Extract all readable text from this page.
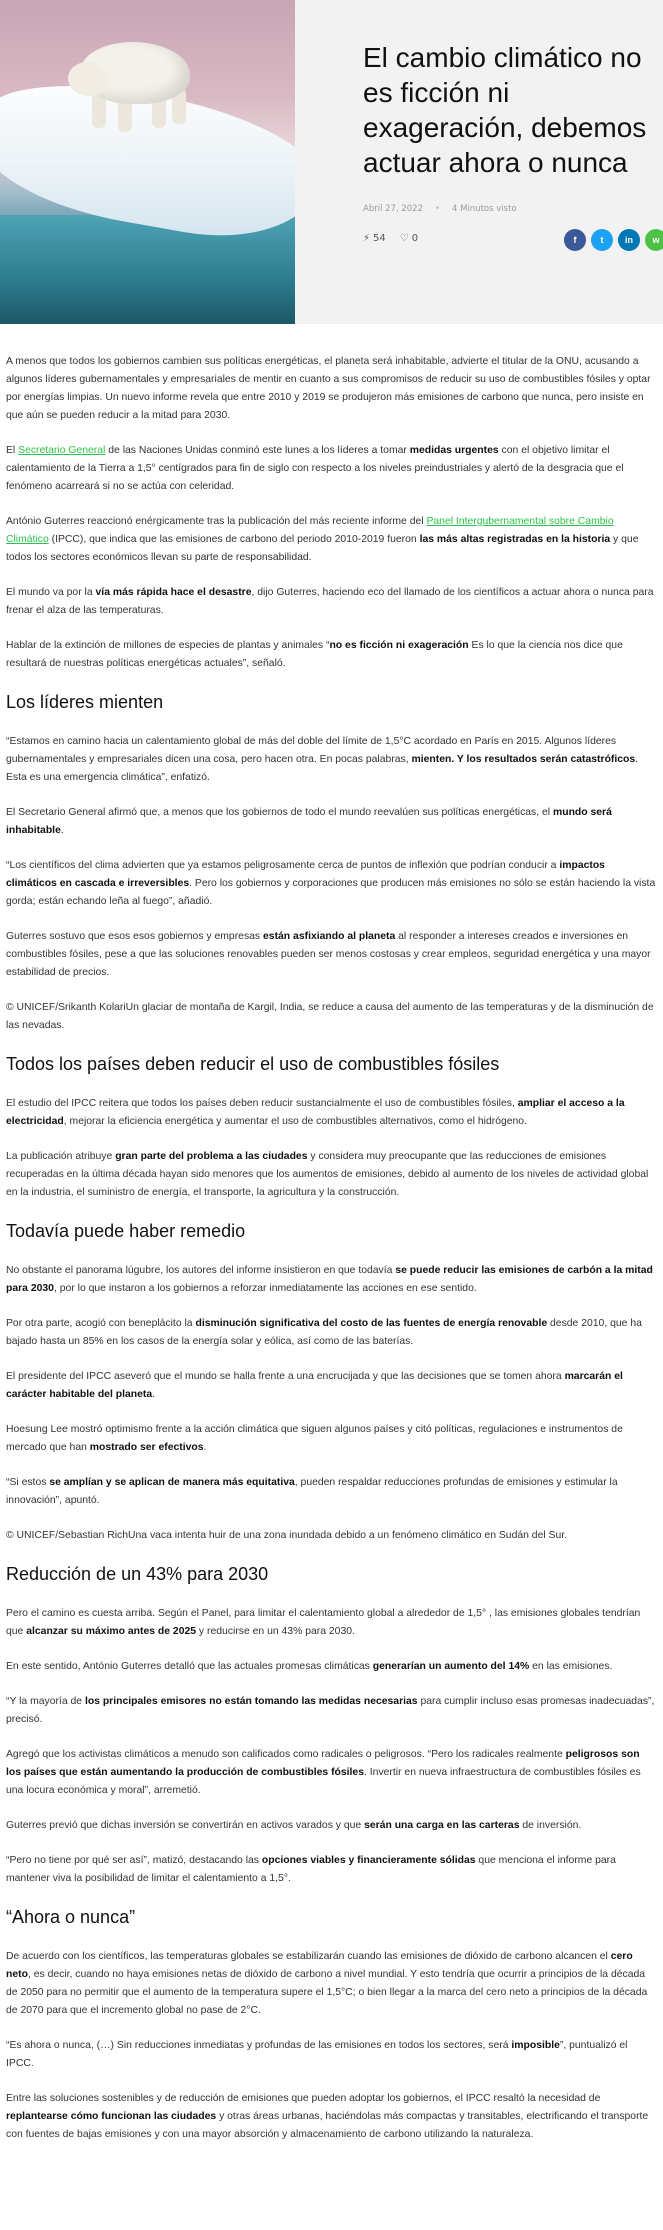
El cambio climático no es ficción ni exageración, debemos actuar ahora o nunca
Abril 27, 2022 • 4 Minutos visto
⚡ 54 ♡ 0	f	t	in	w

A menos que todos los gobiernos cambien sus políticas energéticas, el planeta será inhabitable, advierte el titular de la ONU, acusando a algunos líderes gubernamentales y empresariales de mentir en cuanto a sus compromisos de reducir su uso de combustibles fósiles y optar por energías limpias. Un nuevo informe revela que entre 2010 y 2019 se produjeron más emisiones de carbono que nunca, pero insiste en que aún se pueden reducir a la mitad para 2030.

El Secretario General de las Naciones Unidas conminó este lunes a los líderes a tomar medidas urgentes con el objetivo limitar el calentamiento de la Tierra a 1,5° centígrados para fin de siglo con respecto a los niveles preindustriales y alertó de la desgracia que el fenómeno acarreará si no se actúa con celeridad.

António Guterres reaccionó enérgicamente tras la publicación del más reciente informe del Panel Intergubernamental sobre Cambio Climático (IPCC), que indica que las emisiones de carbono del periodo 2010-2019 fueron las más altas registradas en la historia y que todos los sectores económicos llevan su parte de responsabilidad.

El mundo va por la vía más rápida hace el desastre, dijo Guterres, haciendo eco del llamado de los científicos a actuar ahora o nunca para frenar el alza de las temperaturas.

Hablar de la extinción de millones de especies de plantas y animales “no es ficción ni exageración Es lo que la ciencia nos dice que resultará de nuestras políticas energéticas actuales”, señaló.

Los líderes mienten

“Estamos en camino hacia un calentamiento global de más del doble del límite de 1,5°C acordado en París en 2015. Algunos líderes gubernamentales y empresariales dicen una cosa, pero hacen otra. En pocas palabras, mienten. Y los resultados serán catastróficos. Esta es una emergencia climática”, enfatizó.

El Secretario General afirmó que, a menos que los gobiernos de todo el mundo reevalúen sus políticas energéticas, el mundo será inhabitable.

“Los científicos del clima advierten que ya estamos peligrosamente cerca de puntos de inflexión que podrían conducir a impactos climáticos en cascada e irreversibles. Pero los gobiernos y corporaciones que producen más emisiones no sólo se están haciendo la vista gorda; están echando leña al fuego”, añadió.

Guterres sostuvo que esos esos gobiernos y empresas están asfixiando al planeta al responder a intereses creados e inversiones en combustibles fósiles, pese a que las soluciones renovables pueden ser menos costosas y crear empleos, seguridad energética y una mayor estabilidad de precios.

© UNICEF/Srikanth KolariUn glaciar de montaña de Kargil, India, se reduce a causa del aumento de las temperaturas y de la disminución de las nevadas.

Todos los países deben reducir el uso de combustibles fósiles

El estudio del IPCC reitera que todos los países deben reducir sustancialmente el uso de combustibles fósiles, ampliar el acceso a la electricidad, mejorar la eficiencia energética y aumentar el uso de combustibles alternativos, como el hidrógeno.

La publicación atribuye gran parte del problema a las ciudades y considera muy preocupante que las reducciones de emisiones recuperadas en la última década hayan sido menores que los aumentos de emisiones, debido al aumento de los niveles de actividad global en la industria, el suministro de energía, el transporte, la agricultura y la construcción.

Todavía puede haber remedio

No obstante el panorama lúgubre, los autores del informe insistieron en que todavía se puede reducir las emisiones de carbón a la mitad para 2030, por lo que instaron a los gobiernos a reforzar inmediatamente las acciones en ese sentido.

Por otra parte, acogió con beneplácito la disminución significativa del costo de las fuentes de energía renovable desde 2010, que ha bajado hasta un 85% en los casos de la energía solar y eólica, así como de las baterías.

El presidente del IPCC aseveró que el mundo se halla frente a una encrucijada y que las decisiones que se tomen ahora marcarán el carácter habitable del planeta.

Hoesung Lee mostró optimismo frente a la acción climática que siguen algunos países y citó políticas, regulaciones e instrumentos de mercado que han mostrado ser efectivos.

“Si estos se amplían y se aplican de manera más equitativa, pueden respaldar reducciones profundas de emisiones y estimular la innovación”, apuntó.

© UNICEF/Sebastian RichUna vaca intenta huir de una zona inundada debido a un fenómeno climático en Sudán del Sur.

Reducción de un 43% para 2030

Pero el camino es cuesta arriba. Según el Panel, para limitar el calentamiento global a alrededor de 1,5° , las emisiones globales tendrían que alcanzar su máximo antes de 2025 y reducirse en un 43% para 2030.

En este sentido, António Guterres detalló que las actuales promesas climáticas generarían un aumento del 14% en las emisiones.

“Y la mayoría de los principales emisores no están tomando las medidas necesarias para cumplir incluso esas promesas inadecuadas”, precisó.

Agregó que los activistas climáticos a menudo son calificados como radicales o peligrosos. “Pero los radicales realmente peligrosos son los países que están aumentando la producción de combustibles fósiles. Invertir en nueva infraestructura de combustibles fósiles es una locura económica y moral”, arremetió.

Guterres previó que dichas inversión se convertirán en activos varados y que serán una carga en las carteras de inversión.

“Pero no tiene por qué ser así”, matizó, destacando las opciones viables y financieramente sólidas que menciona el informe para mantener viva la posibilidad de limitar el calentamiento a 1,5°.

“Ahora o nunca”

De acuerdo con los científicos, las temperaturas globales se estabilizarán cuando las emisiones de dióxido de carbono alcancen el cero neto, es decir, cuando no haya emisiones netas de dióxido de carbono a nivel mundial. Y esto tendría que ocurrir a principios de la década de 2050 para no permitir que el aumento de la temperatura supere el 1,5°C; o bien llegar a la marca del cero neto a principios de la década de 2070 para que el incremento global no pase de 2°C.

“Es ahora o nunca, (…) Sin reducciones inmediatas y profundas de las emisiones en todos los sectores, será imposible”, puntualizó el IPCC.

Entre las soluciones sostenibles y de reducción de emisiones que pueden adoptar los gobiernos, el IPCC resaltó la necesidad de replantearse cómo funcionan las ciudades y otras áreas urbanas, haciéndolas más compactas y transitables, electrificando el transporte con fuentes de bajas emisiones y con una mayor absorción y almacenamiento de carbono utilizando la naturaleza.
